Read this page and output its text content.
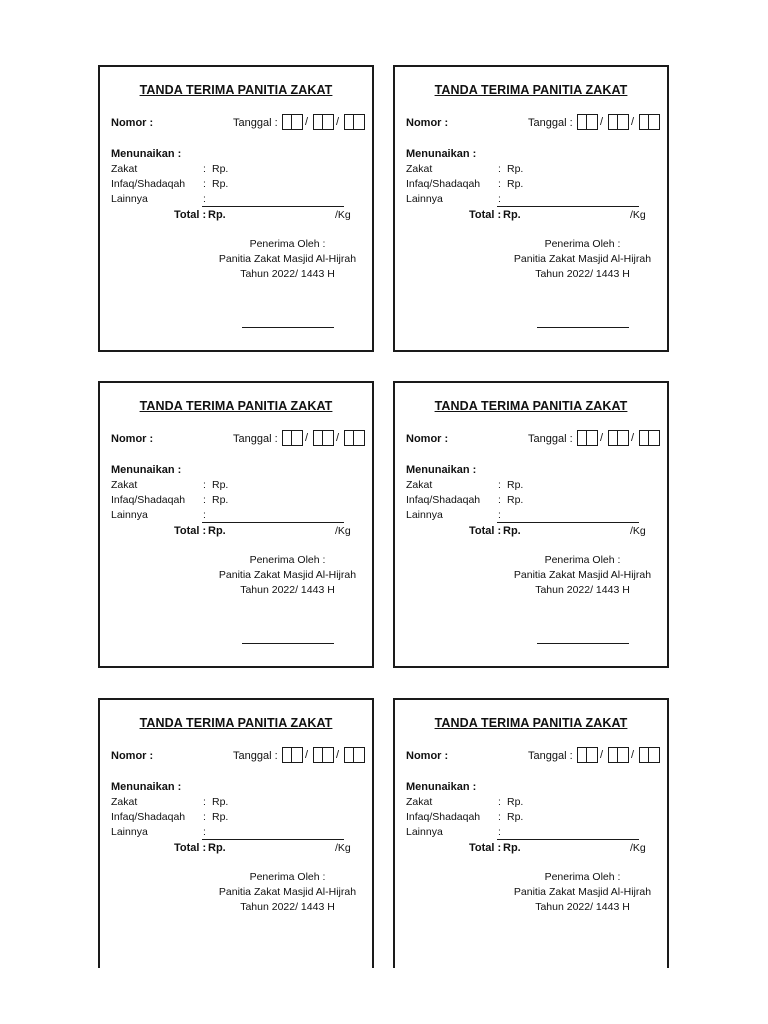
TANDA TERIMA PANITIA ZAKAT
Nomor :	Tanggal : /	/
Menunaikan :
Zakat	: Rp.
Infaq/Shadaqah : Rp.
Lainnya	:
Total : Rp.	/Kg
Penerima Oleh :
Panitia Zakat Masjid Al-Hijrah
Tahun 2022/ 1443 H
TANDA TERIMA PANITIA ZAKAT
Nomor :	Tanggal : /	/
Menunaikan :
Zakat	: Rp.
Infaq/Shadaqah : Rp.
Lainnya	:
Total : Rp.	/Kg
Penerima Oleh :
Panitia Zakat Masjid Al-Hijrah
Tahun 2022/ 1443 H
TANDA TERIMA PANITIA ZAKAT
Nomor :	Tanggal : /	/
Menunaikan :
Zakat	: Rp.
Infaq/Shadaqah : Rp.
Lainnya	:
Total : Rp.	/Kg
Penerima Oleh :
Panitia Zakat Masjid Al-Hijrah
Tahun 2022/ 1443 H
TANDA TERIMA PANITIA ZAKAT
Nomor :	Tanggal : /	/
Menunaikan :
Zakat	: Rp.
Infaq/Shadaqah : Rp.
Lainnya	:
Total : Rp.	/Kg
Penerima Oleh :
Panitia Zakat Masjid Al-Hijrah
Tahun 2022/ 1443 H
TANDA TERIMA PANITIA ZAKAT
Nomor :	Tanggal : /	/
Menunaikan :
Zakat	: Rp.
Infaq/Shadaqah : Rp.
Lainnya	:
Total : Rp.	/Kg
Penerima Oleh :
Panitia Zakat Masjid Al-Hijrah
Tahun 2022/ 1443 H
TANDA TERIMA PANITIA ZAKAT
Nomor :	Tanggal : /	/
Menunaikan :
Zakat	: Rp.
Infaq/Shadaqah : Rp.
Lainnya	:
Total : Rp.	/Kg
Penerima Oleh :
Panitia Zakat Masjid Al-Hijrah
Tahun 2022/ 1443 H
